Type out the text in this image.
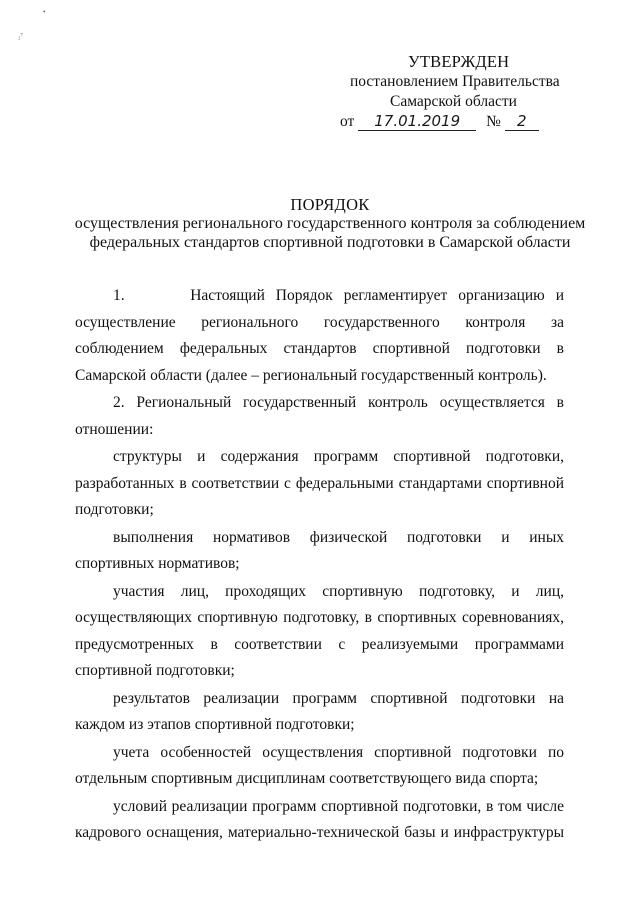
•
₂⁷
УТВЕРЖДЕН
постановлением Правительства
Самарской области
от 17.01.2019 № 2
ПОРЯДОК
осуществления регионального государственного контроля за соблюдением
федеральных стандартов спортивной подготовки в Самарской области

1.      Настоящий Порядок регламентирует организацию и

осуществление регионального государственного контроля за соблюдением федеральных стандартов спортивной подготовки в Самарской области (далее – региональный государственный контроль).

2. Региональный государственный контроль осуществляется в отношении:

структуры и содержания программ спортивной подготовки, разработанных в соответствии с федеральными стандартами спортивной подготовки;

выполнения нормативов физической подготовки и иных спортивных нормативов;

участия лиц, проходящих спортивную подготовку, и лиц, осуществляющих спортивную подготовку, в спортивных соревнованиях, предусмотренных в соответствии с реализуемыми программами спортивной подготовки;

результатов реализации программ спортивной подготовки на каждом из этапов спортивной подготовки;

учета особенностей осуществления спортивной подготовки по отдельным спортивным дисциплинам соответствующего вида спорта;

условий реализации программ спортивной подготовки, в том числе кадрового оснащения, материально-технической базы и инфраструктуры
